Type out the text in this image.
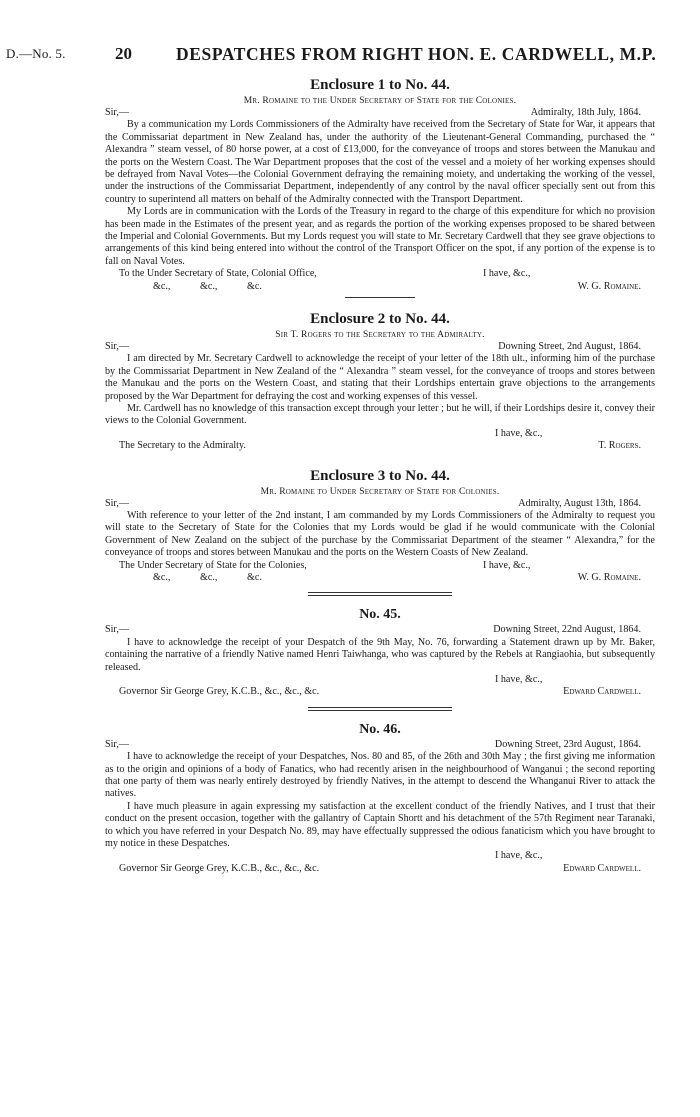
D.—No. 5.	20	DESPATCHES FROM RIGHT HON. E. CARDWELL, M.P.
Enclosure 1 to No. 44.
Mr. Romaine to the Under Secretary of State for the Colonies.
Sir,—	Admiralty, 18th July, 1864.

By a communication my Lords Commissioners of the Admiralty have received from the Secretary of State for War, it appears that the Commissariat department in New Zealand has, under the authority of the Lieutenant-General Commanding, purchased the “ Alexandra ” steam vessel, of 80 horse power, at a cost of £13,000, for the conveyance of troops and stores between the Manukau and the ports on the Western Coast. The War Department proposes that the cost of the vessel and a moiety of her working expenses should be defrayed from Naval Votes—the Colonial Government defraying the remaining moiety, and undertaking the working of the vessel, under the instructions of the Commissariat Department, independently of any control by the naval officer specially sent out from this country to superintend all matters on behalf of the Admiralty connected with the Transport Department.

My Lords are in communication with the Lords of the Treasury in regard to the charge of this expenditure for which no provision has been made in the Estimates of the present year, and as regards the portion of the working expenses proposed to be shared between the Imperial and Colonial Governments. But my Lords request you will state to Mr. Secretary Cardwell that they see grave objections to arrangements of this kind being entered into without the control of the Transport Officer on the spot, if any portion of the expense is to fall on Naval Votes.

To the Under Secretary of State, Colonial Office,	I have, &c.,
&c.,	&c.,	&c.	W. G. Romaine.
Enclosure 2 to No. 44.
Sir T. Rogers to the Secretary to the Admiralty.
Sir,—	Downing Street, 2nd August, 1864.

I am directed by Mr. Secretary Cardwell to acknowledge the receipt of your letter of the 18th ult., informing him of the purchase by the Commissariat Department in New Zealand of the “ Alexandra ” steam vessel, for the conveyance of troops and stores between the Manukau and the ports on the Western Coast, and stating that their Lordships entertain grave objections to the arrangements proposed by the War Department for defraying the cost and working expenses of this vessel.

Mr. Cardwell has no knowledge of this transaction except through your letter ; but he will, if their Lordships desire it, convey their views to the Colonial Government.

I have, &c.,
The Secretary to the Admiralty.	T. Rogers.
Enclosure 3 to No. 44.
Mr. Romaine to Under Secretary of State for Colonies.
Sir,—	Admiralty, August 13th, 1864.

With reference to your letter of the 2nd instant, I am commanded by my Lords Commissioners of the Admiralty to request you will state to the Secretary of State for the Colonies that my Lords would be glad if he would communicate with the Colonial Government of New Zealand on the subject of the purchase by the Commissariat Department of the steamer “ Alexandra,” for the conveyance of troops and stores between Manukau and the ports on the Western Coasts of New Zealand.

The Under Secretary of State for the Colonies,	I have, &c.,
&c.,	&c.,	&c.	W. G. Romaine.
No. 45.
Sir,—	Downing Street, 22nd August, 1864.

I have to acknowledge the receipt of your Despatch of the 9th May, No. 76, forwarding a Statement drawn up by Mr. Baker, containing the narrative of a friendly Native named Henri Taiwhanga, who was captured by the Rebels at Rangiaohia, but subsequently released.

I have, &c.,
Governor Sir George Grey, K.C.B., &c., &c., &c.	Edward Cardwell.
No. 46.
Sir,—	Downing Street, 23rd August, 1864.

I have to acknowledge the receipt of your Despatches, Nos. 80 and 85, of the 26th and 30th May ; the first giving me information as to the origin and opinions of a body of Fanatics, who had recently arisen in the neighbourhood of Wanganui ; the second reporting that one party of them was nearly entirely destroyed by friendly Natives, in the attempt to descend the Whanganui River to attack the natives.

I have much pleasure in again expressing my satisfaction at the excellent conduct of the friendly Natives, and I trust that their conduct on the present occasion, together with the gallantry of Captain Shortt and his detachment of the 57th Regiment near Taranaki, to which you have referred in your Despatch No. 89, may have effectually suppressed the odious fanaticism which you have brought to my notice in these Despatches.

I have, &c.,
Governor Sir George Grey, K.C.B., &c., &c., &c.	Edward Cardwell.
